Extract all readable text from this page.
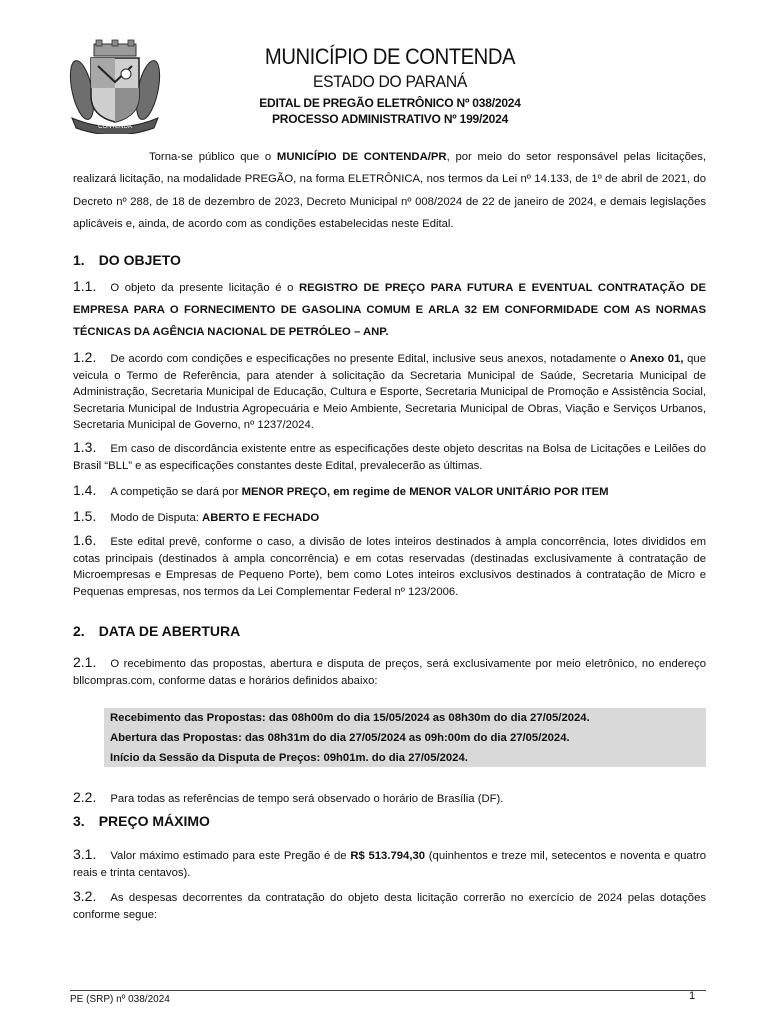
CONTENDA
MUNICÍPIO DE CONTENDA
ESTADO DO PARANÁ
EDITAL DE PREGÃO ELETRÔNICO Nº 038/2024
PROCESSO ADMINISTRATIVO Nº 199/2024
Torna-se público que o MUNICÍPIO DE CONTENDA/PR, por meio do setor responsável pelas licitações, realizará licitação, na modalidade PREGÃO, na forma ELETRÔNICA, nos termos da Lei nº 14.133, de 1º de abril de 2021, do Decreto nº 288, de 18 de dezembro de 2023, Decreto Municipal nº 008/2024 de 22 de janeiro de 2024, e demais legislações aplicáveis e, ainda, de acordo com as condições estabelecidas neste Edital.
1. DO OBJETO
1.1. O objeto da presente licitação é o REGISTRO DE PREÇO PARA FUTURA E EVENTUAL CONTRATAÇÃO DE EMPRESA PARA O FORNECIMENTO DE GASOLINA COMUM E ARLA 32 EM CONFORMIDADE COM AS NORMAS TÉCNICAS DA AGÊNCIA NACIONAL DE PETRÓLEO – ANP.
1.2. De acordo com condições e especificações no presente Edital, inclusive seus anexos, notadamente o Anexo 01, que veicula o Termo de Referência, para atender à solicitação da Secretaria Municipal de Saúde, Secretaria Municipal de Administração, Secretaria Municipal de Educação, Cultura e Esporte, Secretaria Municipal de Promoção e Assistência Social, Secretaria Municipal de Industria Agropecuária e Meio Ambiente, Secretaria Municipal de Obras, Viação e Serviços Urbanos, Secretaria Municipal de Governo, nº 1237/2024.
1.3. Em caso de discordância existente entre as especificações deste objeto descritas na Bolsa de Licitações e Leilões do Brasil “BLL” e as especificações constantes deste Edital, prevalecerão as últimas.
1.4. A competição se dará por MENOR PREÇO, em regime de MENOR VALOR UNITÁRIO POR ITEM
1.5. Modo de Disputa: ABERTO E FECHADO
1.6. Este edital prevê, conforme o caso, a divisão de lotes inteiros destinados à ampla concorrência, lotes divididos em cotas principais (destinados à ampla concorrência) e em cotas reservadas (destinadas exclusivamente à contratação de Microempresas e Empresas de Pequeno Porte), bem como Lotes inteiros exclusivos destinados à contratação de Micro e Pequenas empresas, nos termos da Lei Complementar Federal nº 123/2006.
2. DATA DE ABERTURA
2.1. O recebimento das propostas, abertura e disputa de preços, será exclusivamente por meio eletrônico, no endereço bllcompras.com, conforme datas e horários definidos abaixo:
Recebimento das Propostas: das 08h00m do dia 15/05/2024 as 08h30m do dia 27/05/2024.
Abertura das Propostas: das 08h31m do dia 27/05/2024 as 09h:00m do dia 27/05/2024.
Início da Sessão da Disputa de Preços: 09h01m. do dia 27/05/2024.
2.2. Para todas as referências de tempo será observado o horário de Brasília (DF).
3. PREÇO MÁXIMO
3.1. Valor máximo estimado para este Pregão é de R$ 513.794,30 (quinhentos e treze mil, setecentos e noventa e quatro reais e trinta centavos).
3.2. As despesas decorrentes da contratação do objeto desta licitação correrão no exercício de 2024 pelas dotações conforme segue:
PE (SRP) nº 038/2024	1
